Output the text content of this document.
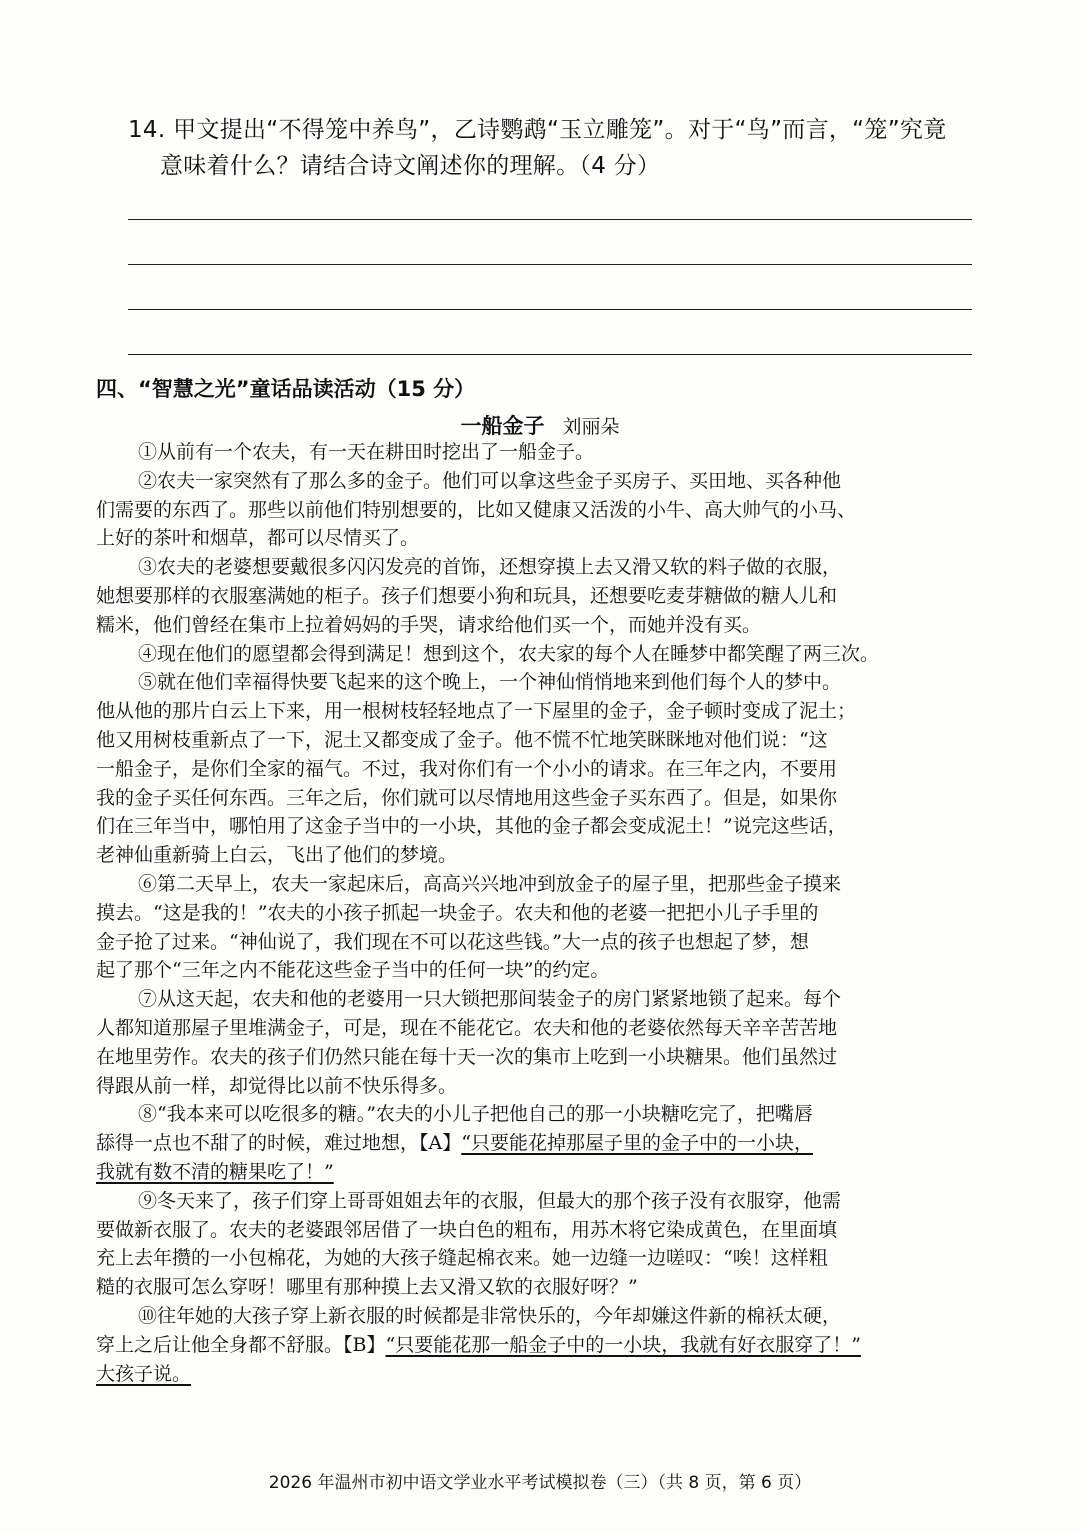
14. 甲文提出“不得笼中养鸟”，乙诗鹦鹉“玉立雕笼”。对于“鸟”而言，“笼”究竟
意味着什么？请结合诗文阐述你的理解。（4 分）
四、“智慧之光”童话品读活动（15 分）
一船金子 刘丽朵
①从前有一个农夫，有一天在耕田时挖出了一船金子。
②农夫一家突然有了那么多的金子。他们可以拿这些金子买房子、买田地、买各种他
们需要的东西了。那些以前他们特别想要的，比如又健康又活泼的小牛、高大帅气的小马、
上好的茶叶和烟草，都可以尽情买了。
③农夫的老婆想要戴很多闪闪发亮的首饰，还想穿摸上去又滑又软的料子做的衣服，
她想要那样的衣服塞满她的柜子。孩子们想要小狗和玩具，还想要吃麦芽糖做的糖人儿和
糯米，他们曾经在集市上拉着妈妈的手哭，请求给他们买一个，而她并没有买。
④现在他们的愿望都会得到满足！想到这个，农夫家的每个人在睡梦中都笑醒了两三次。
⑤就在他们幸福得快要飞起来的这个晚上，一个神仙悄悄地来到他们每个人的梦中。
他从他的那片白云上下来，用一根树枝轻轻地点了一下屋里的金子，金子顿时变成了泥土；
他又用树枝重新点了一下，泥土又都变成了金子。他不慌不忙地笑眯眯地对他们说：“这
一船金子，是你们全家的福气。不过，我对你们有一个小小的请求。在三年之内，不要用
我的金子买任何东西。三年之后，你们就可以尽情地用这些金子买东西了。但是，如果你
们在三年当中，哪怕用了这金子当中的一小块，其他的金子都会变成泥土！”说完这些话，
老神仙重新骑上白云，飞出了他们的梦境。
⑥第二天早上，农夫一家起床后，高高兴兴地冲到放金子的屋子里，把那些金子摸来
摸去。“这是我的！”农夫的小孩子抓起一块金子。农夫和他的老婆一把把小儿子手里的
金子抢了过来。“神仙说了，我们现在不可以花这些钱。”大一点的孩子也想起了梦，想
起了那个“三年之内不能花这些金子当中的任何一块”的约定。
⑦从这天起，农夫和他的老婆用一只大锁把那间装金子的房门紧紧地锁了起来。每个
人都知道那屋子里堆满金子，可是，现在不能花它。农夫和他的老婆依然每天辛辛苦苦地
在地里劳作。农夫的孩子们仍然只能在每十天一次的集市上吃到一小块糖果。他们虽然过
得跟从前一样，却觉得比以前不快乐得多。
⑧“我本来可以吃很多的糖。”农夫的小儿子把他自己的那一小块糖吃完了，把嘴唇
舔得一点也不甜了的时候，难过地想，【A】“只要能花掉那屋子里的金子中的一小块，
我就有数不清的糖果吃了！”
⑨冬天来了，孩子们穿上哥哥姐姐去年的衣服，但最大的那个孩子没有衣服穿，他需
要做新衣服了。农夫的老婆跟邻居借了一块白色的粗布，用苏木将它染成黄色，在里面填
充上去年攒的一小包棉花，为她的大孩子缝起棉衣来。她一边缝一边嗟叹：“唉！这样粗
糙的衣服可怎么穿呀！哪里有那种摸上去又滑又软的衣服好呀？”
⑩往年她的大孩子穿上新衣服的时候都是非常快乐的，今年却嫌这件新的棉袄太硬，
穿上之后让他全身都不舒服。【B】“只要能花那一船金子中的一小块，我就有好衣服穿了！”
大孩子说。
2026 年温州市初中语文学业水平考试模拟卷（三）（共 8 页，第 6 页）
